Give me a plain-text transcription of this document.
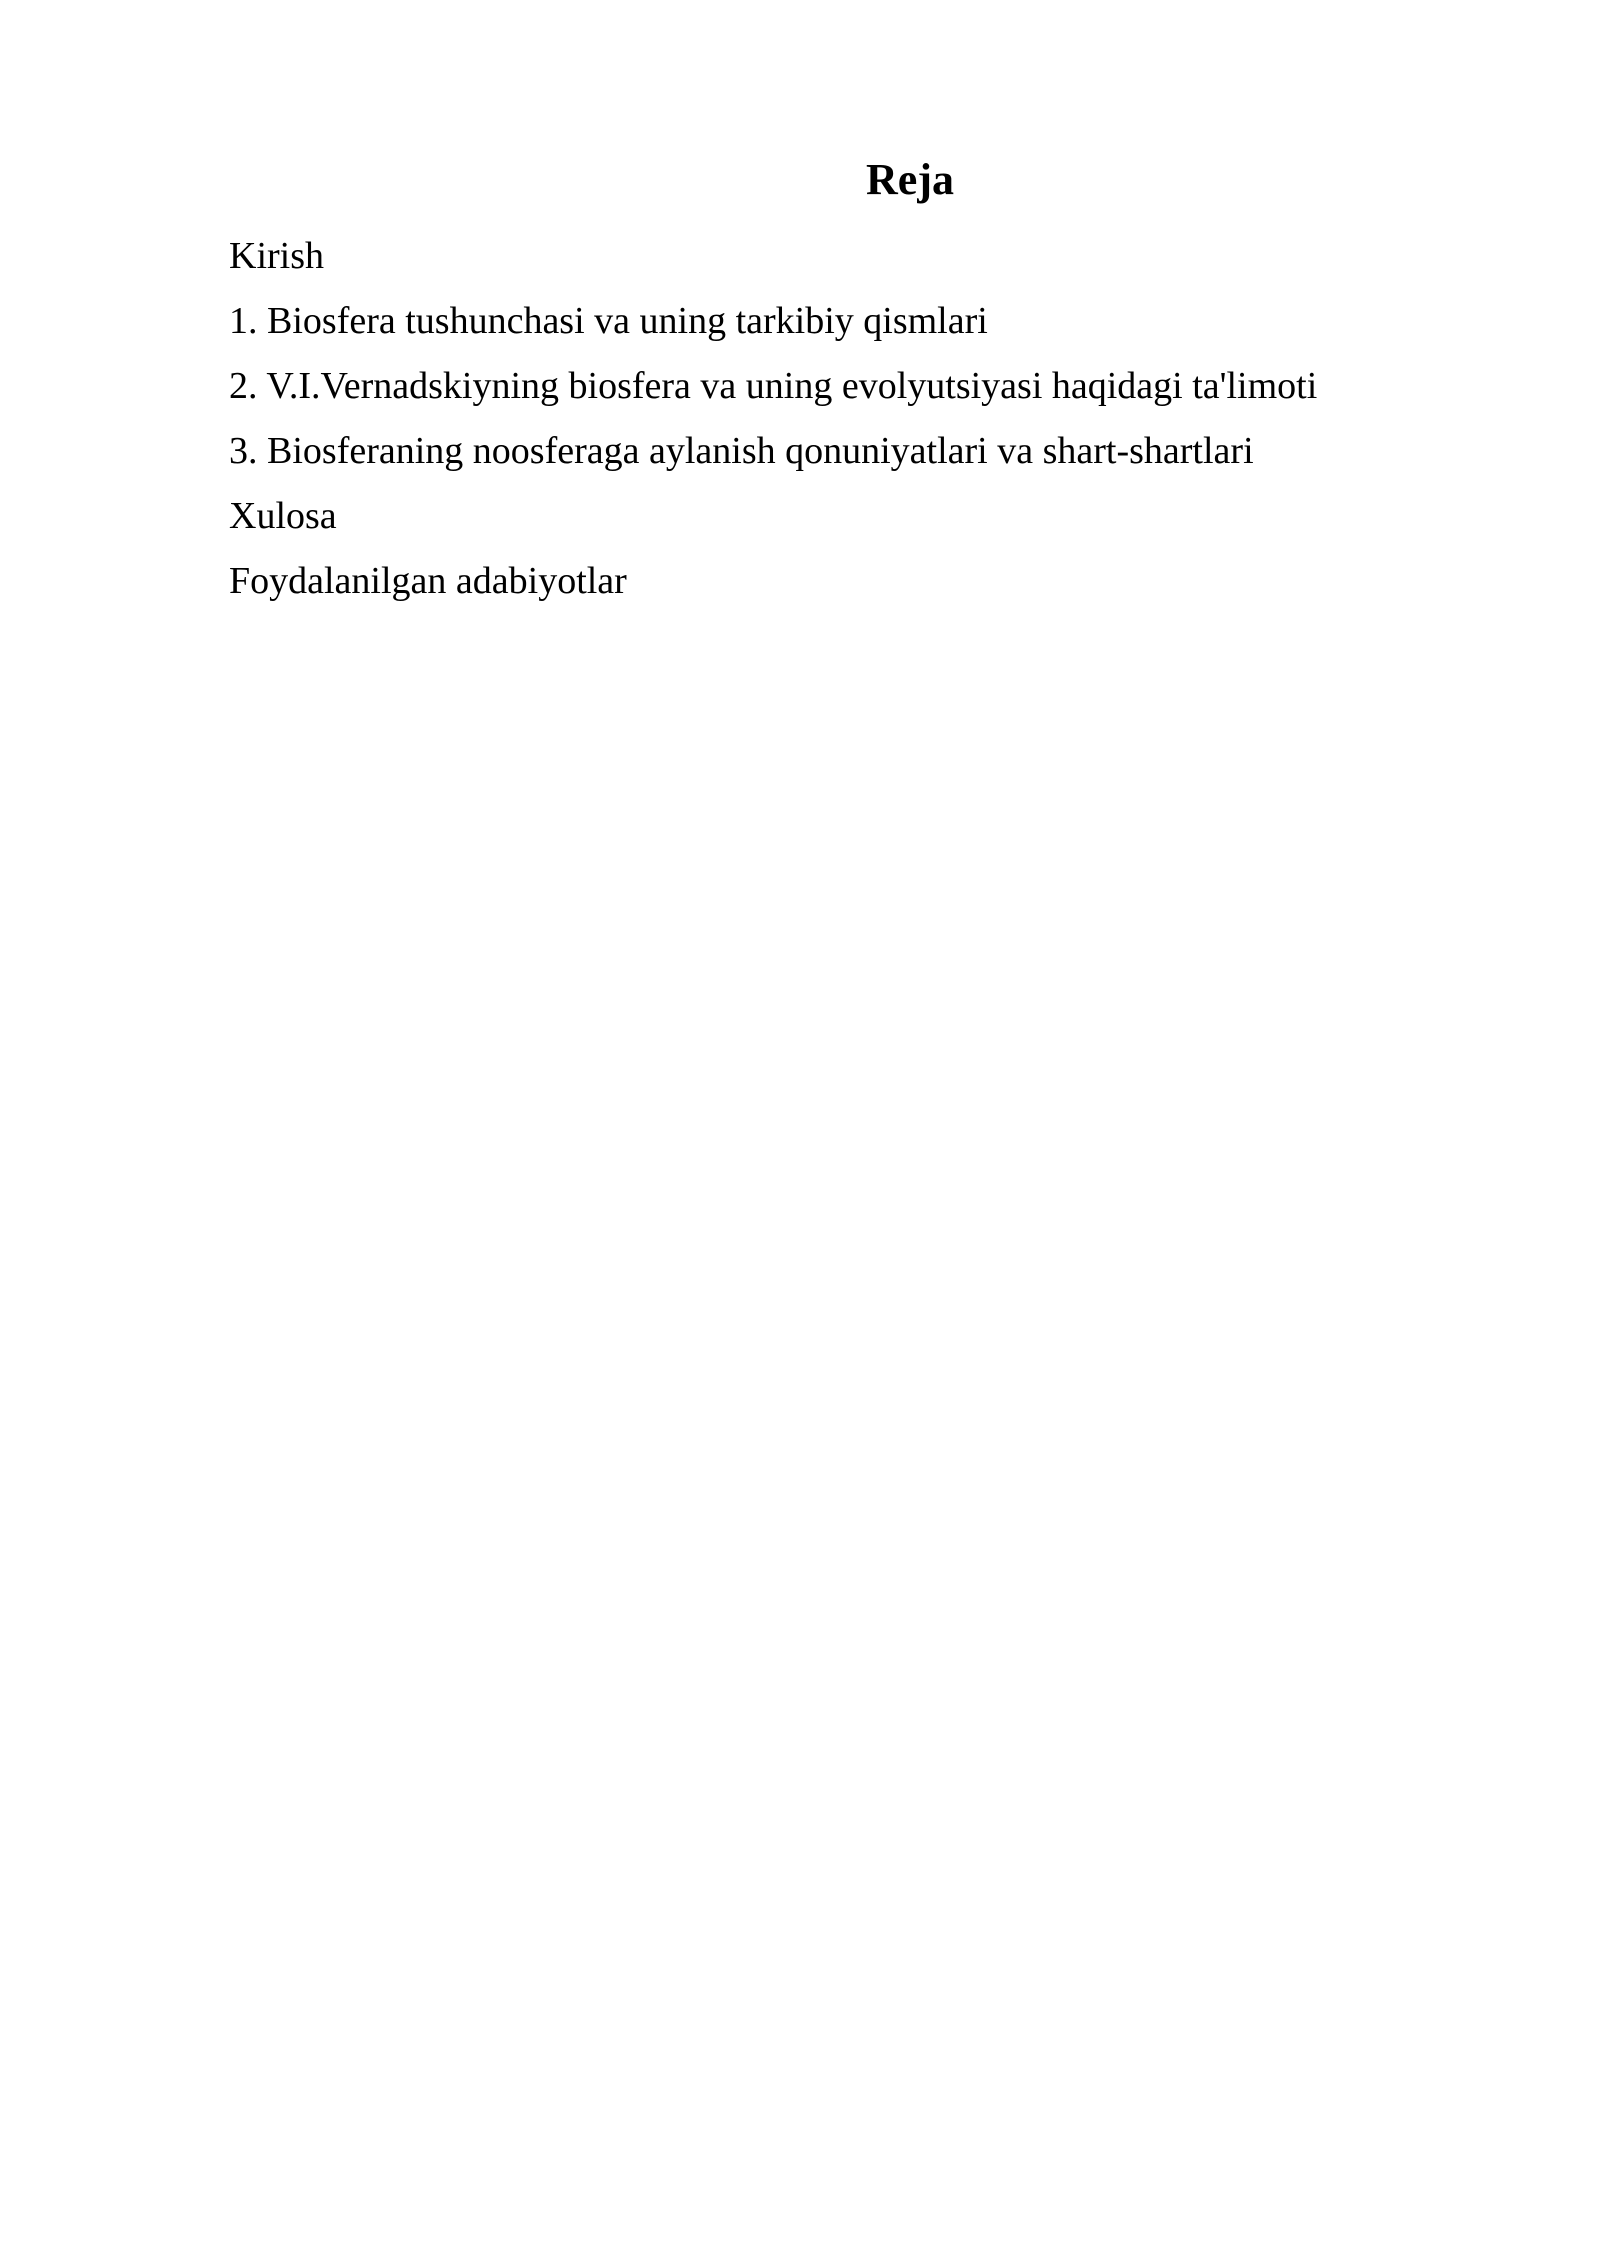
Reja
Kirish
1. Biosfera tushunchasi va uning tarkibiy qismlari
2. V.I.Vernadskiyning biosfera va uning evolyutsiyasi haqidagi ta'limoti
3. Biosferaning noosferaga aylanish qonuniyatlari va shart-shartlari
Xulosa
Foydalanilgan adabiyotlar
